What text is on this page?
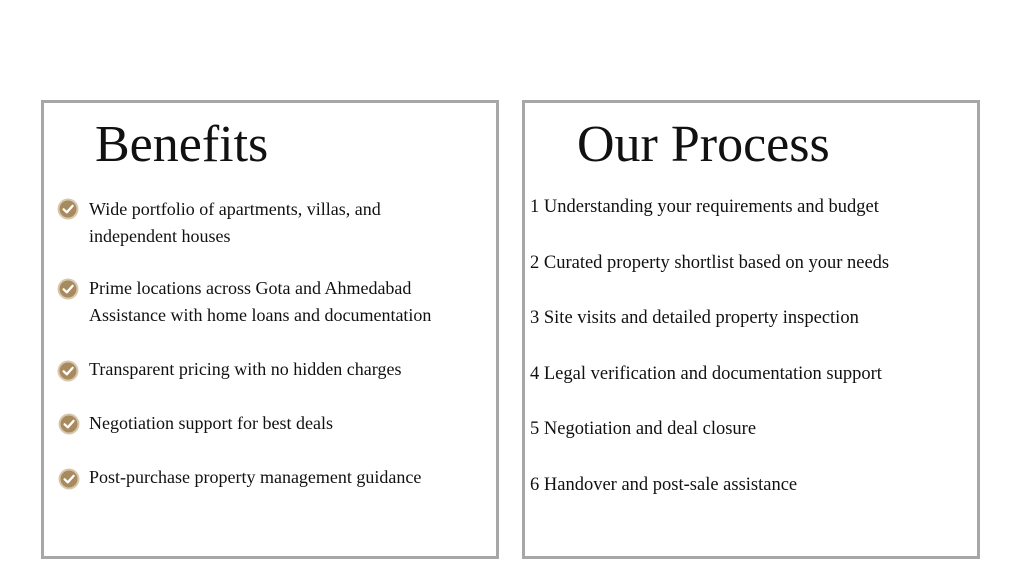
Benefits
Wide portfolio of apartments, villas, and
independent houses
Prime locations across Gota and Ahmedabad
Assistance with home loans and documentation
Transparent pricing with no hidden charges
Negotiation support for best deals
Post-purchase property management guidance
Our Process
1 Understanding your requirements and budget
2 Curated property shortlist based on your needs
3 Site visits and detailed property inspection
4 Legal verification and documentation support
5 Negotiation and deal closure
6 Handover and post-sale assistance
